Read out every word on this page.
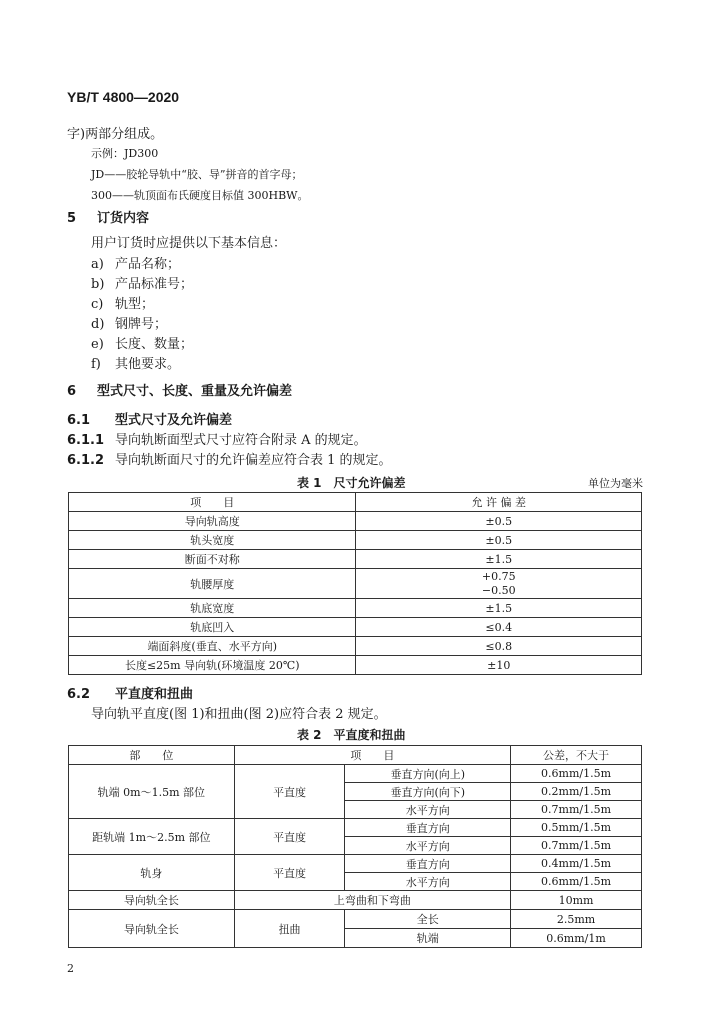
YB/T 4800—2020
字)两部分组成。
示例：JD300
JD——胶轮导轨中“胶、导”拼音的首字母；
300——轨顶面布氏硬度目标值 300HBW。
5 订货内容
用户订货时应提供以下基本信息：
a) 产品名称；
b) 产品标准号；
c) 轨型；
d) 钢牌号；
e) 长度、数量；
f) 其他要求。
6 型式尺寸、长度、重量及允许偏差
6.1 型式尺寸及允许偏差
6.1.1 导向轨断面型式尺寸应符合附录 A 的规定。
6.1.2 导向轨断面尺寸的允许偏差应符合表 1 的规定。
表 1　尺寸允许偏差	单位为毫米
项　　目	允 许 偏 差
导向轨高度	±0.5
轨头宽度	±0.5
断面不对称	±1.5
轨腰厚度	+0.75
−0.50

轨底宽度	±1.5
轨底凹入	≤0.4
端面斜度(垂直、水平方向)	≤0.8
长度≤25m 导向轨(环境温度 20℃)	±10
6.2 平直度和扭曲
导向轨平直度(图 1)和扭曲(图 2)应符合表 2 规定。
表 2　平直度和扭曲
部　　位	项　　目		公差，不大于
轨端 0m～1.5m 部位	平直度	垂直方向(向上)	0.6mm/1.5m
		垂直方向(向下)	0.2mm/1.5m
		水平方向	0.7mm/1.5m
距轨端 1m～2.5m 部位	平直度	垂直方向	0.5mm/1.5m
		水平方向	0.7mm/1.5m
轨身	平直度	垂直方向	0.4mm/1.5m
		水平方向	0.6mm/1.5m
导向轨全长	上弯曲和下弯曲		10mm
导向轨全长	扭曲	全长	2.5mm
		轨端	0.6mm/1m
2
